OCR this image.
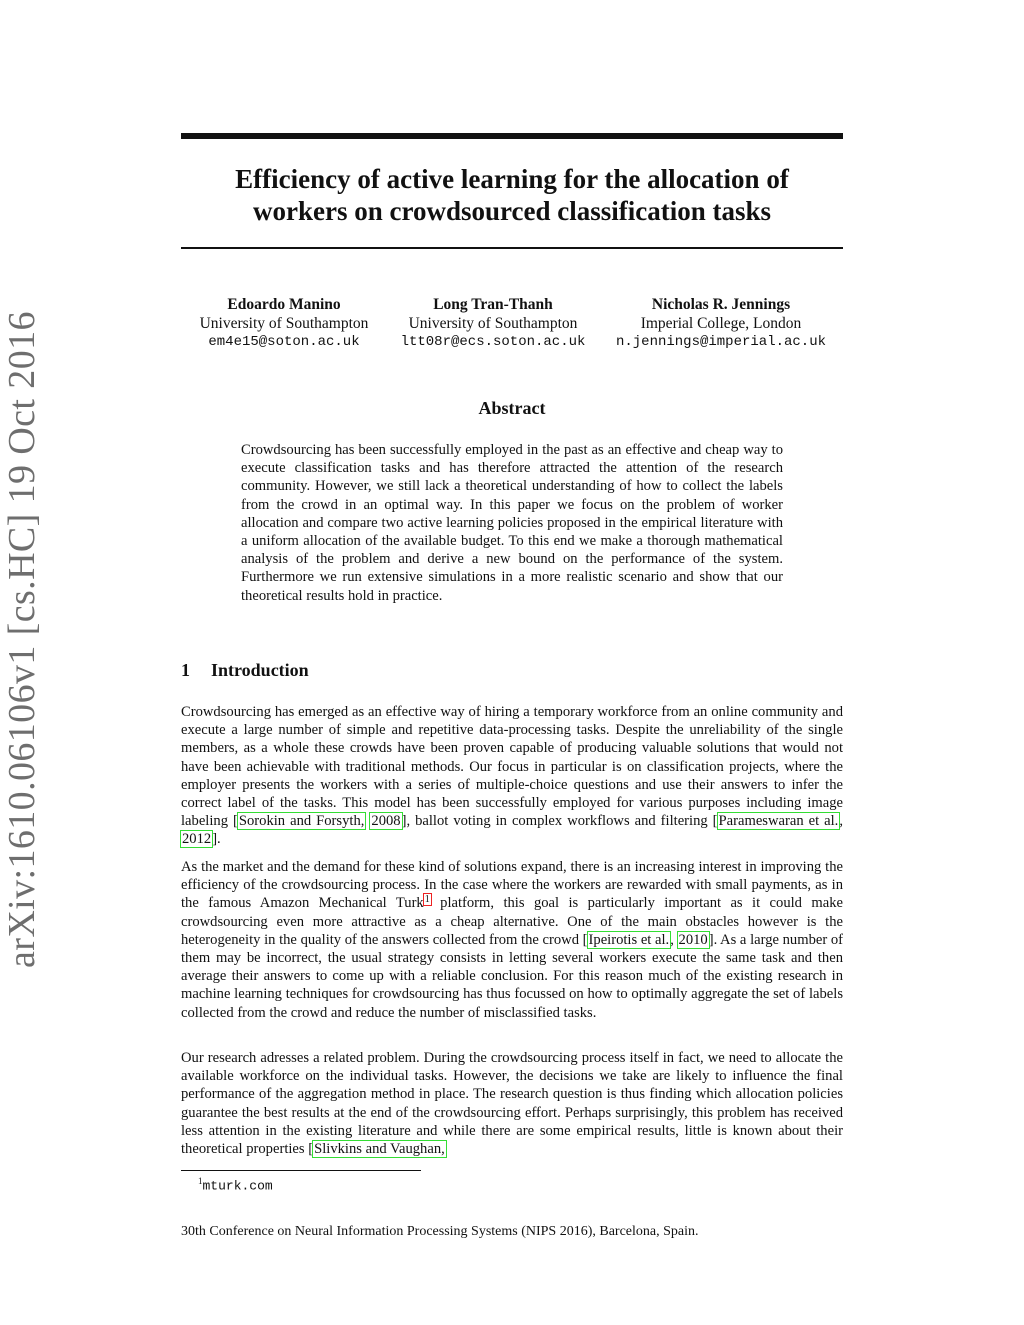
arXiv:1610.06106v1 [cs.HC] 19 Oct 2016
Efficiency of active learning for the allocation of
workers on crowdsourced classification tasks
Edoardo Manino
University of Southampton
em4e15@soton.ac.uk
Long Tran-Thanh
University of Southampton
ltt08r@ecs.soton.ac.uk
Nicholas R. Jennings
Imperial College, London
n.jennings@imperial.ac.uk
Abstract
Crowdsourcing has been successfully employed in the past as an effective and cheap way to execute classification tasks and has therefore attracted the attention of the research community. However, we still lack a theoretical understanding of how to collect the labels from the crowd in an optimal way. In this paper we focus on the problem of worker allocation and compare two active learning policies proposed in the empirical literature with a uniform allocation of the available budget. To this end we make a thorough mathematical analysis of the problem and derive a new bound on the performance of the system. Furthermore we run extensive simulations in a more realistic scenario and show that our theoretical results hold in practice.
1 Introduction
Crowdsourcing has emerged as an effective way of hiring a temporary workforce from an online community and execute a large number of simple and repetitive data-processing tasks. Despite the unreliability of the single members, as a whole these crowds have been proven capable of producing valuable solutions that would not have been achievable with traditional methods. Our focus in particular is on classification projects, where the employer presents the workers with a series of multiple-choice questions and use their answers to infer the correct label of the tasks. This model has been successfully employed for various purposes including image labeling [Sorokin and Forsyth, 2008], ballot voting in complex workflows and filtering [Parameswaran et al., 2012].
As the market and the demand for these kind of solutions expand, there is an increasing interest in improving the efficiency of the crowdsourcing process. In the case where the workers are rewarded with small payments, as in the famous Amazon Mechanical Turk$^1$ platform, this goal is particularly important as it could make crowdsourcing even more attractive as a cheap alternative. One of the main obstacles however is the heterogeneity in the quality of the answers collected from the crowd [Ipeirotis et al., 2010]. As a large number of them may be incorrect, the usual strategy consists in letting several workers execute the same task and then average their answers to come up with a reliable conclusion. For this reason much of the existing research in machine learning techniques for crowdsourcing has thus focussed on how to optimally aggregate the set of labels collected from the crowd and reduce the number of misclassified tasks.
Our research adresses a related problem. During the crowdsourcing process itself in fact, we need to allocate the available workforce on the individual tasks. However, the decisions we take are likely to influence the final performance of the aggregation method in place. The research question is thus finding which allocation policies guarantee the best results at the end of the crowdsourcing effort. Perhaps surprisingly, this problem has received less attention in the existing literature and while there are some empirical results, little is known about their theoretical properties [Slivkins and Vaughan,
$^1$mturk.com
30th Conference on Neural Information Processing Systems (NIPS 2016), Barcelona, Spain.
